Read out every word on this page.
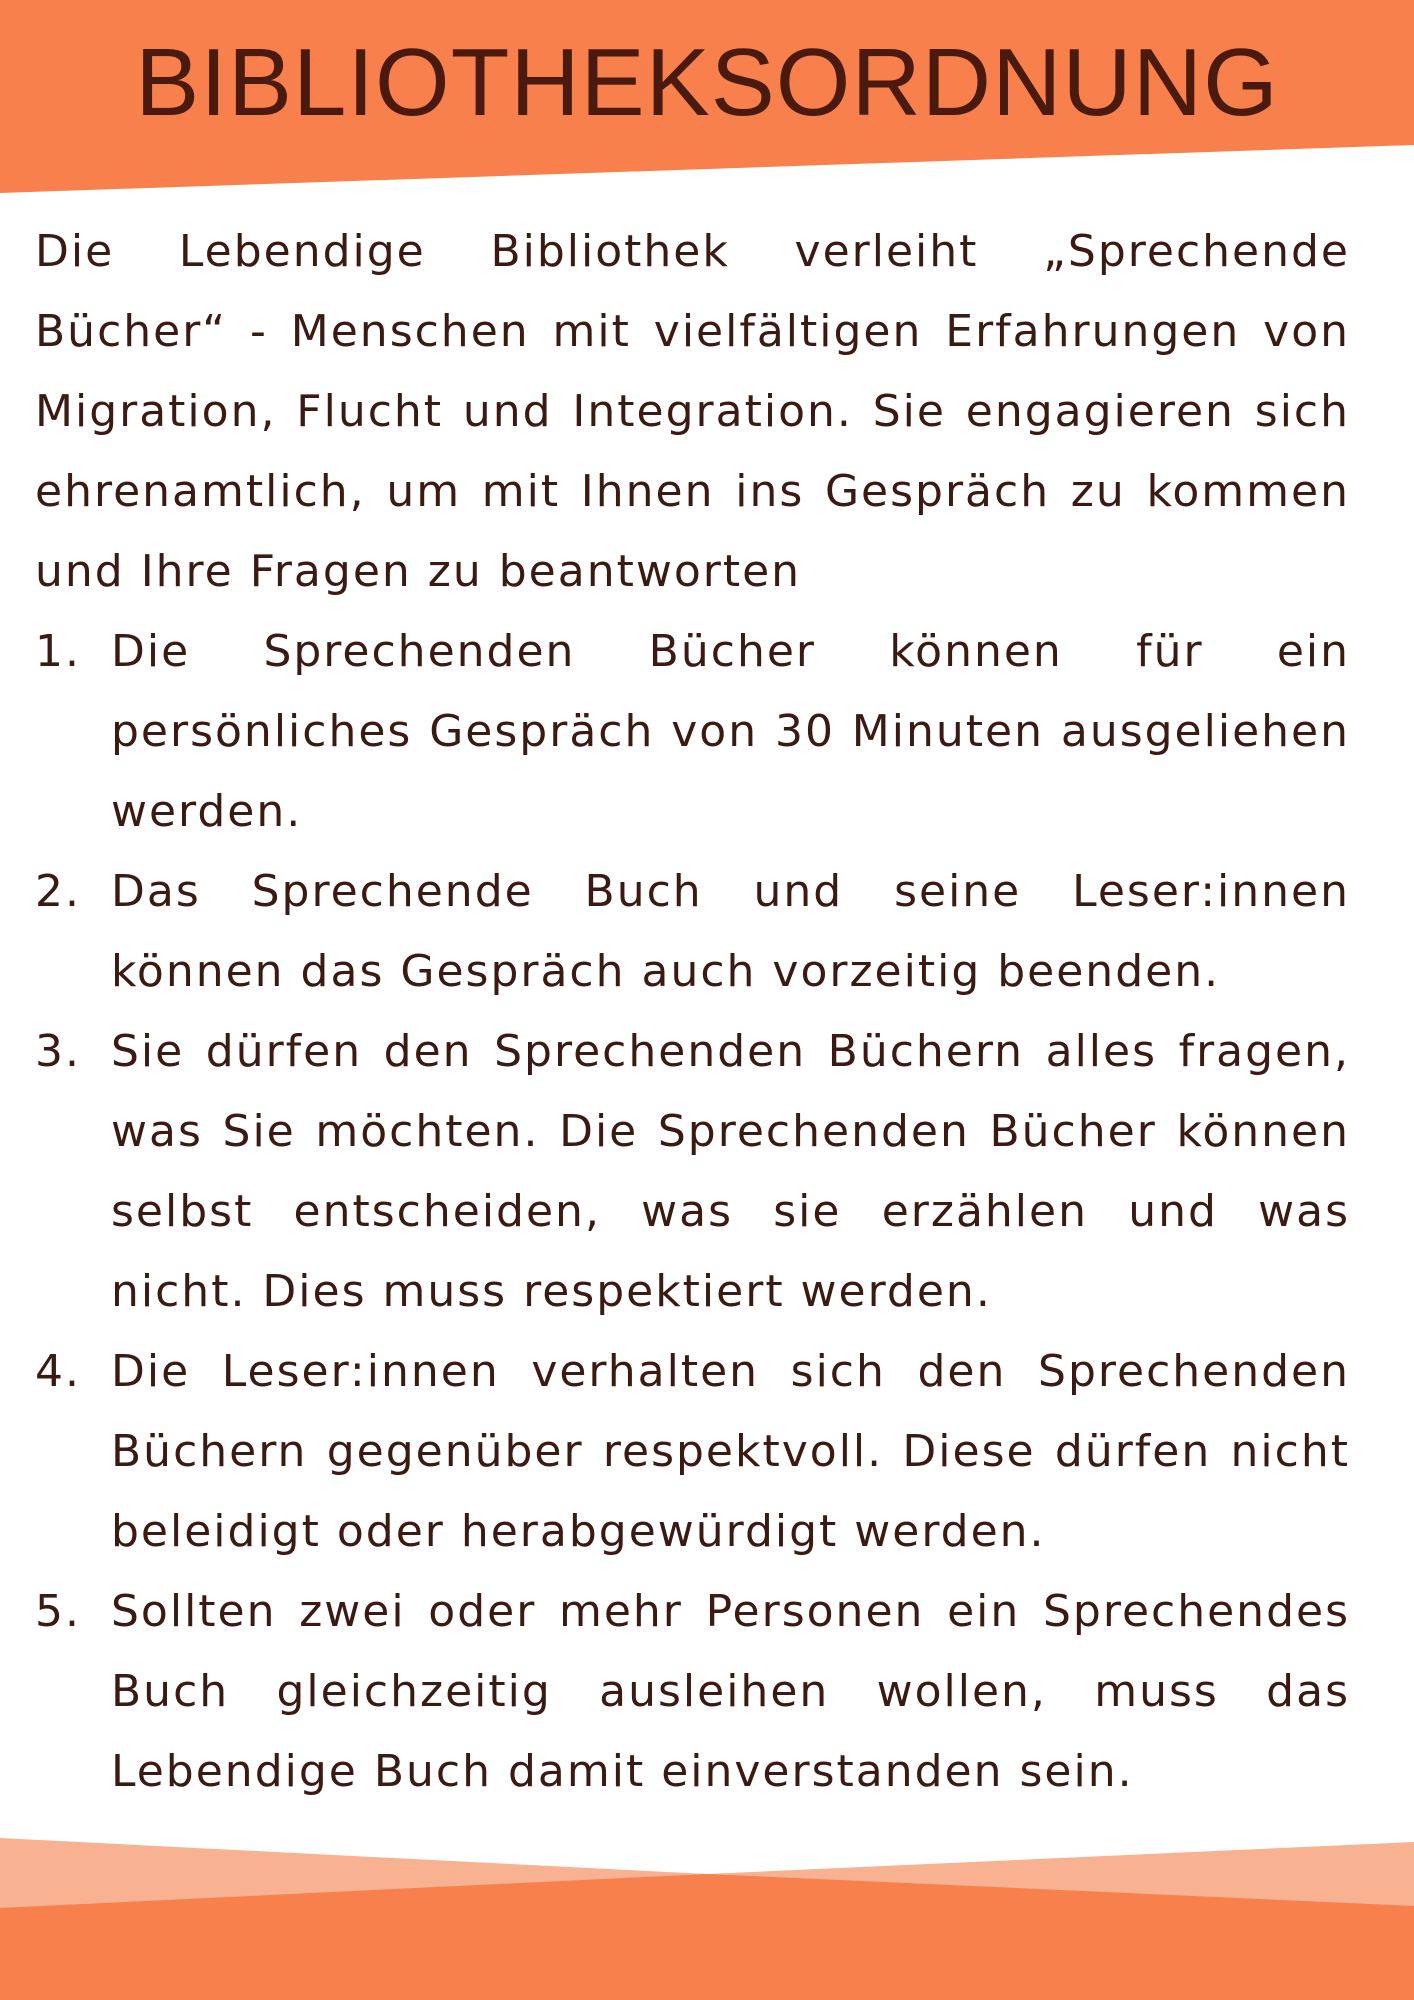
BIBLIOTHEKSORDNUNG

Die Lebendige Bibliothek verleiht „Sprechende Bücher“ - Menschen mit vielfältigen Erfahrungen von Migration, Flucht und Integration. Sie engagieren sich ehrenamtlich, um mit Ihnen ins Gespräch zu kommen und Ihre Fragen zu beantworten

1. Die Sprechenden Bücher können für ein persönliches Gespräch von 30 Minuten ausgeliehen werden.
2. Das Sprechende Buch und seine Leser:innen können das Gespräch auch vorzeitig beenden.
3. Sie dürfen den Sprechenden Büchern alles fragen, was Sie möchten. Die Sprechenden Bücher können selbst entscheiden, was sie erzählen und was nicht. Dies muss respektiert werden.
4. Die Leser:innen verhalten sich den Sprechenden Büchern gegenüber respektvoll. Diese dürfen nicht beleidigt oder herabgewürdigt werden.
5. Sollten zwei oder mehr Personen ein Sprechendes Buch gleichzeitig ausleihen wollen, muss das Lebendige Buch damit einverstanden sein.
